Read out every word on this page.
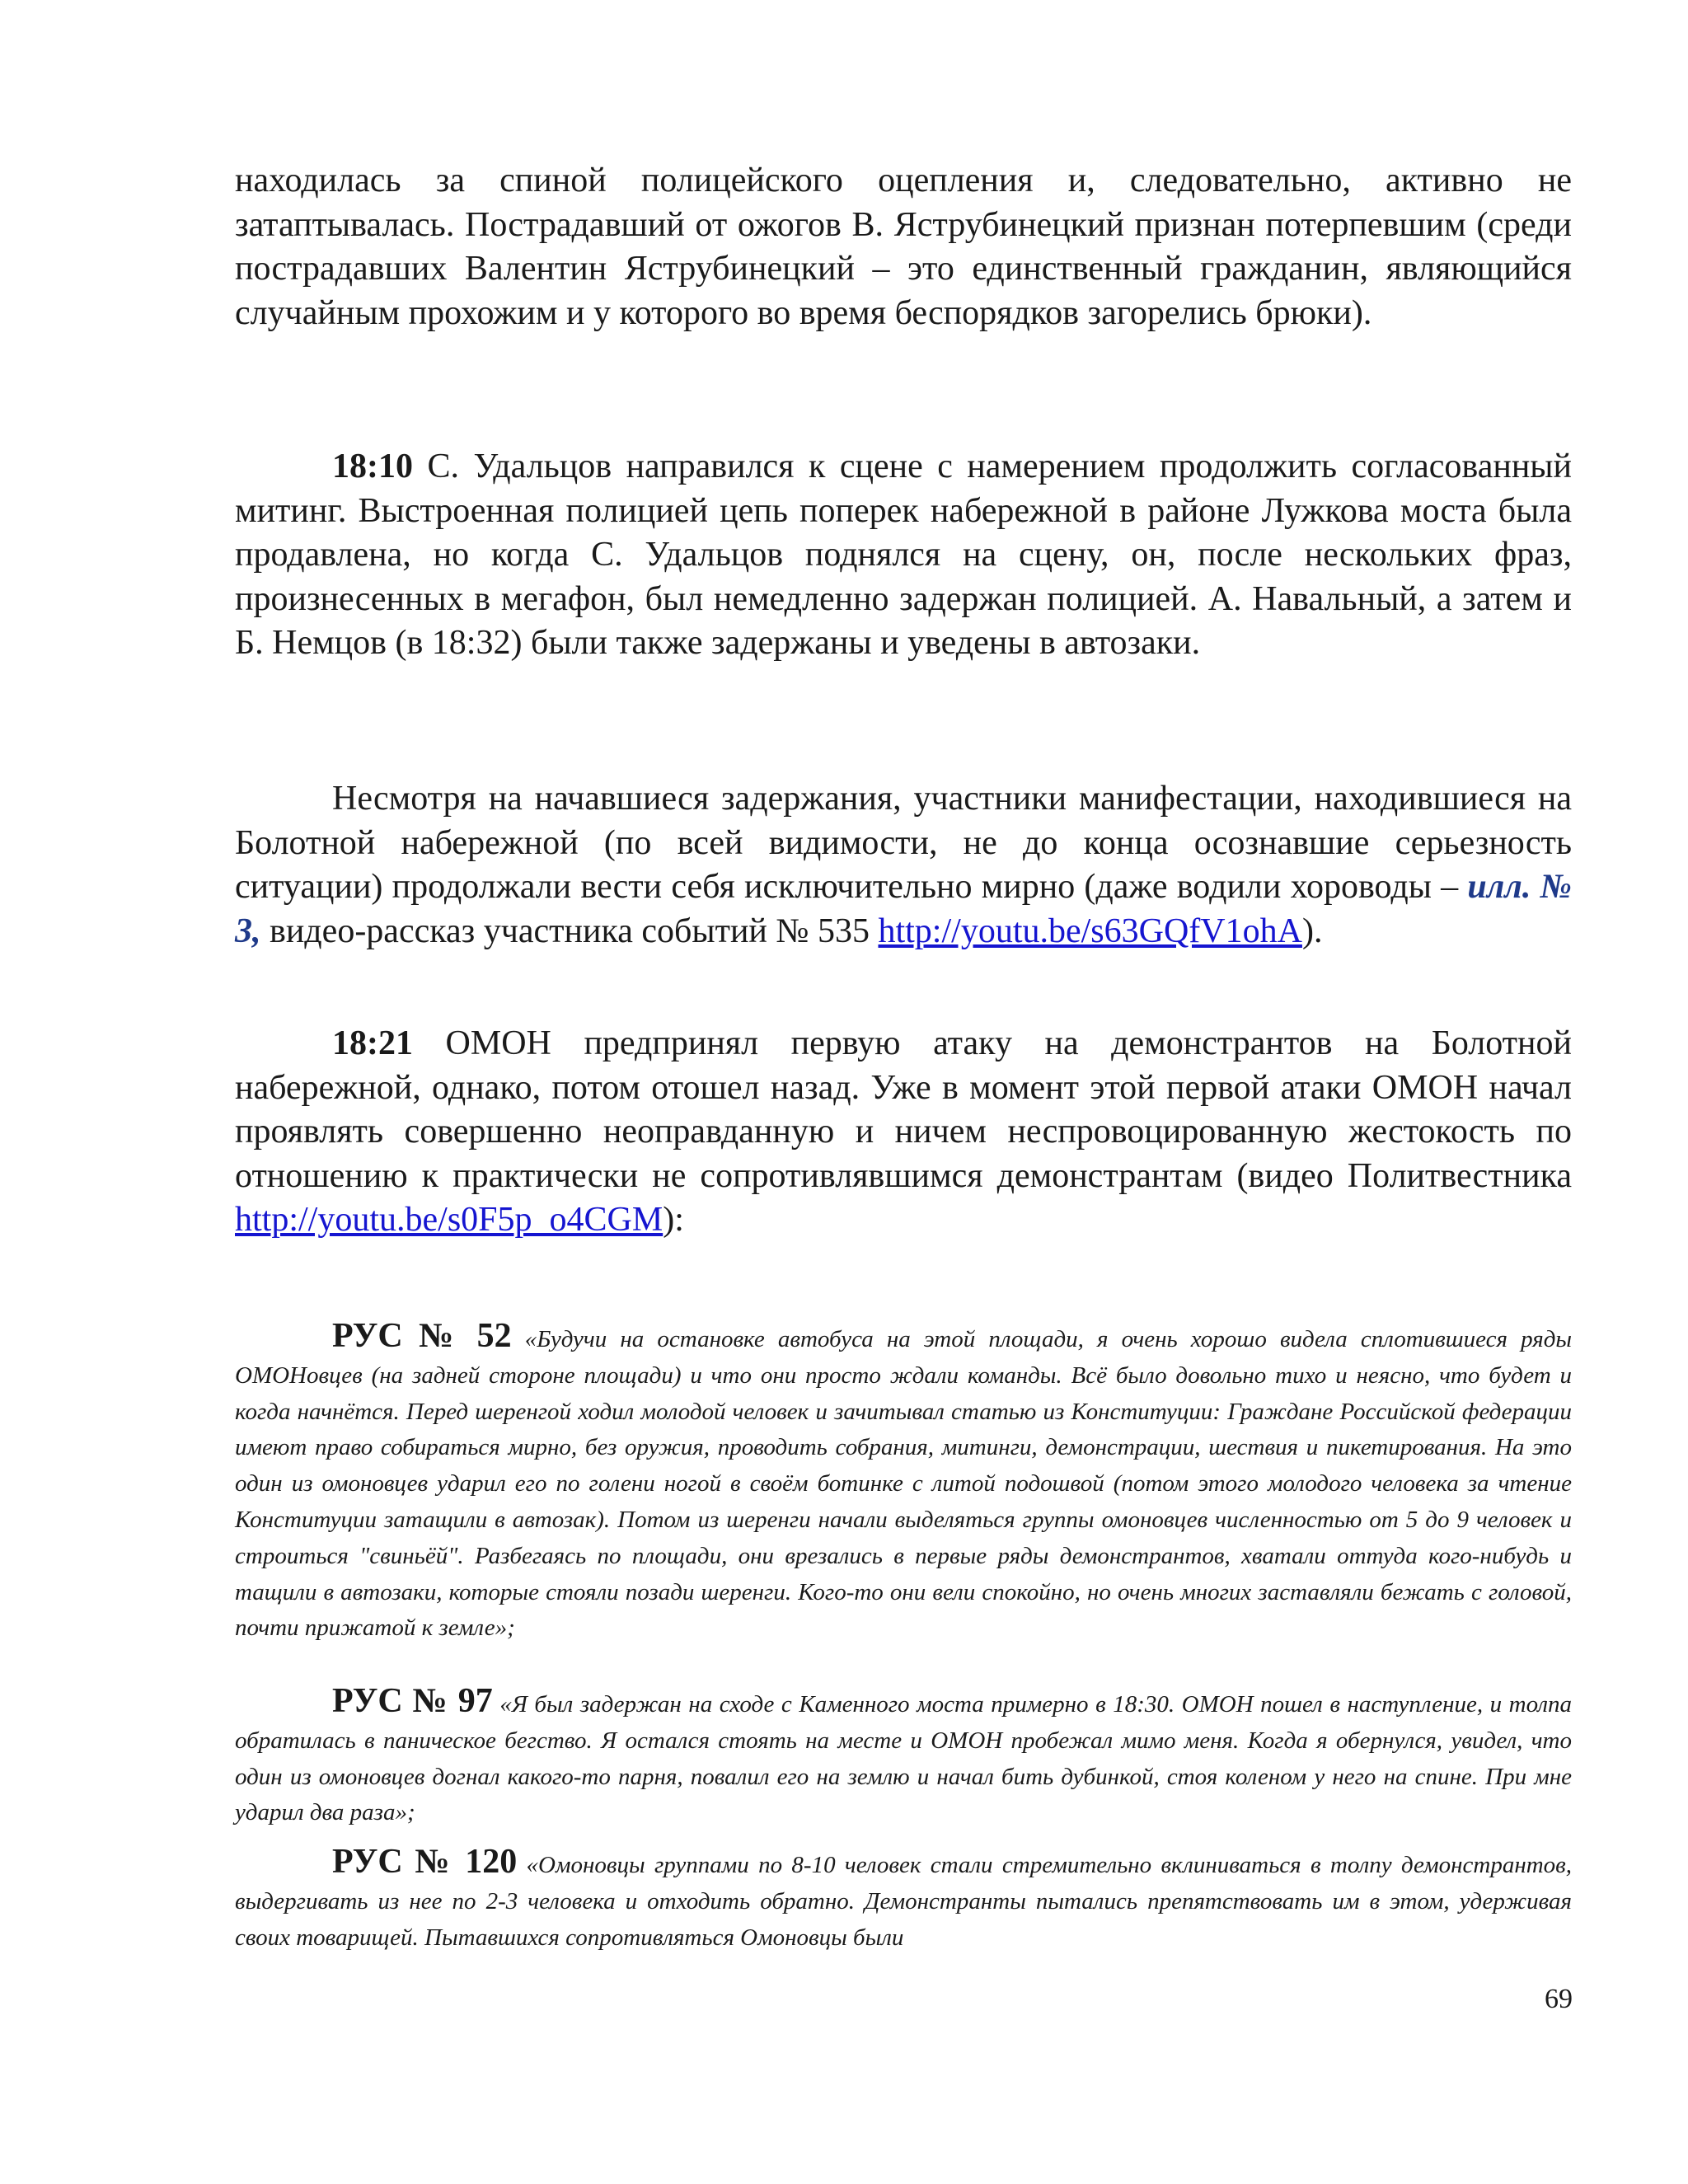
находилась за спиной полицейского оцепления и, следовательно, активно не затаптывалась. Пострадавший от ожогов В. Яструбинецкий признан потерпевшим (среди пострадавших Валентин Яструбинецкий – это единственный гражданин, являющийся случайным прохожим и у которого во время беспорядков загорелись брюки).

18:10 С. Удальцов направился к сцене с намерением продолжить согласованный митинг. Выстроенная полицией цепь поперек набережной в районе Лужкова моста была продавлена, но когда С. Удальцов поднялся на сцену, он, после нескольких фраз, произнесенных в мегафон, был немедленно задержан полицией. А. Навальный, а затем и Б. Немцов (в 18:32) были также задержаны и уведены в автозаки.

Несмотря на начавшиеся задержания, участники манифестации, находившиеся на Болотной набережной (по всей видимости, не до конца осознавшие серьезность ситуации) продолжали вести себя исключительно мирно (даже водили хороводы – илл. № 3, видео-рассказ участника событий № 535 http://youtu.be/s63GQfV1ohA).

18:21 ОМОН предпринял первую атаку на демонстрантов на Болотной набережной, однако, потом отошел назад. Уже в момент этой первой атаки ОМОН начал проявлять совершенно неоправданную и ничем неспровоцированную жестокость по отношению к практически не сопротивлявшимся демонстрантам (видео Политвестника http://youtu.be/s0F5p_o4CGM):

РУС № 52 «Будучи на остановке автобуса на этой площади, я очень хорошо видела сплотившиеся ряды ОМОНовцев (на задней стороне площади) и что они просто ждали команды. Всё было довольно тихо и неясно, что будет и когда начнётся. Перед шеренгой ходил молодой человек и зачитывал статью из Конституции: Граждане Российской федерации имеют право собираться мирно, без оружия, проводить собрания, митинги, демонстрации, шествия и пикетирования. На это один из омоновцев ударил его по голени ногой в своём ботинке с литой подошвой (потом этого молодого человека за чтение Конституции затащили в автозак). Потом из шеренги начали выделяться группы омоновцев численностью от 5 до 9 человек и строиться "свиньёй". Разбегаясь по площади, они врезались в первые ряды демонстрантов, хватали оттуда кого-нибудь и тащили в автозаки, которые стояли позади шеренги. Кого-то они вели спокойно, но очень многих заставляли бежать с головой, почти прижатой к земле»;

РУС № 97 «Я был задержан на сходе с Каменного моста примерно в 18:30. ОМОН пошел в наступление, и толпа обратилась в паническое бегство. Я остался стоять на месте и ОМОН пробежал мимо меня. Когда я обернулся, увидел, что один из омоновцев догнал какого-то парня, повалил его на землю и начал бить дубинкой, стоя коленом у него на спине. При мне ударил два раза»;

РУС № 120 «Омоновцы группами по 8-10 человек стали стремительно вклиниваться в толпу демонстрантов, выдергивать из нее по 2-3 человека и отходить обратно. Демонстранты пытались препятствовать им в этом, удерживая своих товарищей. Пытавшихся сопротивляться Омоновцы были

69
